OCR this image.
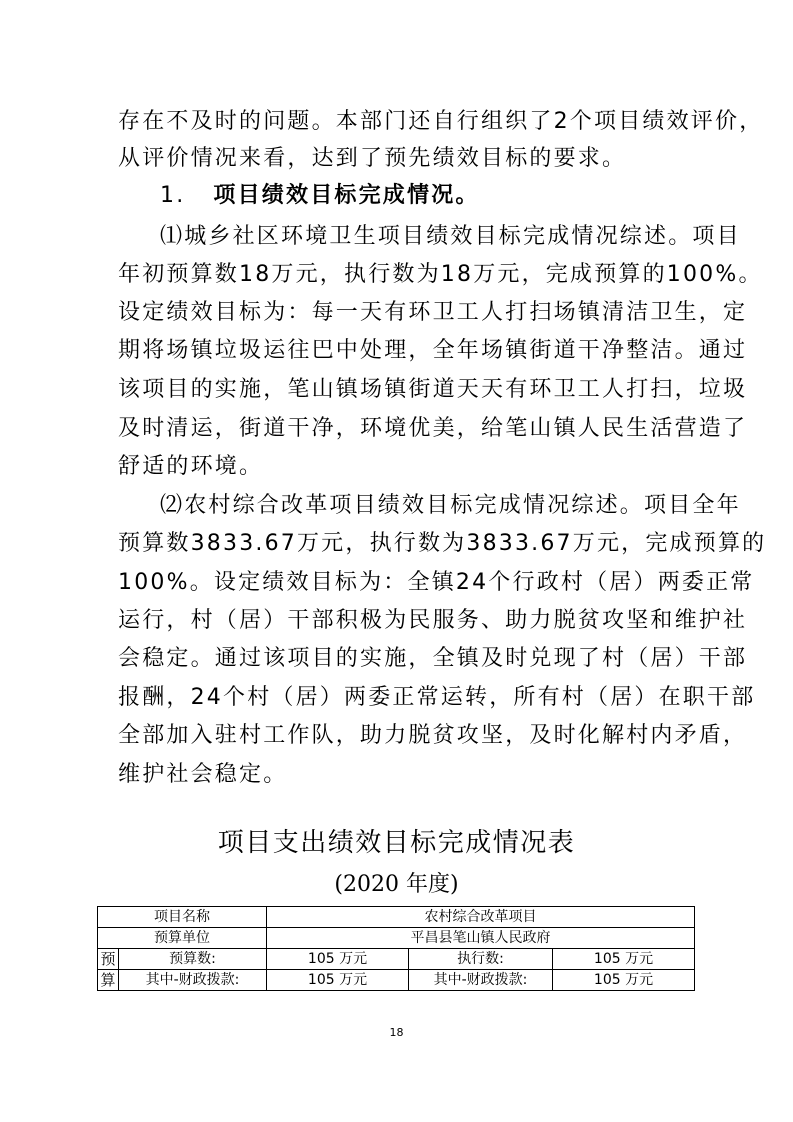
存在不及时的问题。本部门还自行组织了2个项目绩效评价，
从评价情况来看，达到了预先绩效目标的要求。
1. 项目绩效目标完成情况。
⑴城乡社区环境卫生项目绩效目标完成情况综述。项目
年初预算数18万元，执行数为18万元，完成预算的100%。
设定绩效目标为：每一天有环卫工人打扫场镇清洁卫生，定
期将场镇垃圾运往巴中处理，全年场镇街道干净整洁。通过
该项目的实施，笔山镇场镇街道天天有环卫工人打扫，垃圾
及时清运，街道干净，环境优美，给笔山镇人民生活营造了
舒适的环境。
⑵农村综合改革项目绩效目标完成情况综述。项目全年
预算数3833.67万元，执行数为3833.67万元，完成预算的
100%。设定绩效目标为：全镇24个行政村（居）两委正常
运行，村（居）干部积极为民服务、助力脱贫攻坚和维护社
会稳定。通过该项目的实施，全镇及时兑现了村（居）干部
报酬，24个村（居）两委正常运转，所有村（居）在职干部
全部加入驻村工作队，助力脱贫攻坚，及时化解村内矛盾，
维护社会稳定。
项目支出绩效目标完成情况表
(2020 年度)
项目名称		农村综合改革项目		
预算单位		平昌县笔山镇人民政府		
预	预算数:	105 万元	执行数:	105 万元
算	其中-财政拨款:	105 万元	其中-财政拨款:	105 万元
18
